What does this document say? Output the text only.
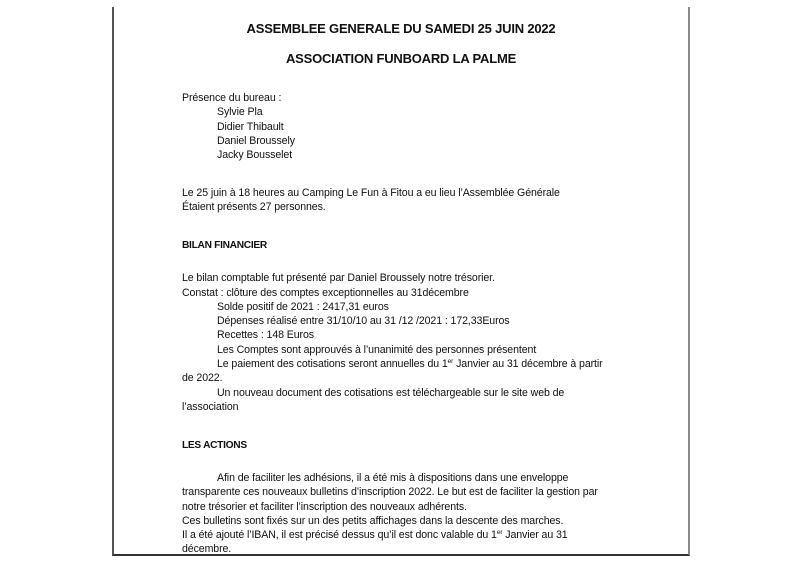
ASSEMBLEE GENERALE DU SAMEDI 25 JUIN 2022
ASSOCIATION FUNBOARD LA PALME
Présence du bureau :
Sylvie Pla
Didier Thibault
Daniel Broussely
Jacky Bousselet
Le 25 juin à 18 heures au Camping Le Fun à Fitou a eu lieu l’Assemblée Générale
Étaient présents 27 personnes.
BILAN FINANCIER
Le bilan comptable fut présenté par Daniel Broussely notre trésorier.
Constat : clôture des comptes exceptionnelles au 31décembre
Solde positif de 2021 : 2417,31 euros
Dépenses réalisé entre 31/10/10 au 31 /12 /2021 : 172,33Euros
Recettes : 148 Euros
Les Comptes sont approuvés à l’unanimité des personnes présentent
Le paiement des cotisations seront annuelles du 1er Janvier au 31 décembre à partir
de 2022.
Un nouveau document des cotisations est téléchargeable sur le site web de
l’association
LES ACTIONS
Afin de faciliter les adhésions, il a été mis à dispositions dans une enveloppe
transparente ces nouveaux bulletins d’inscription 2022. Le but est de faciliter la gestion par
notre trésorier et faciliter l’inscription des nouveaux adhérents.
Ces bulletins sont fixés sur un des petits affichages dans la descente des marches.
Il a été ajouté l’IBAN, il est précisé dessus qu’il est donc valable du 1er Janvier au 31
décembre.
